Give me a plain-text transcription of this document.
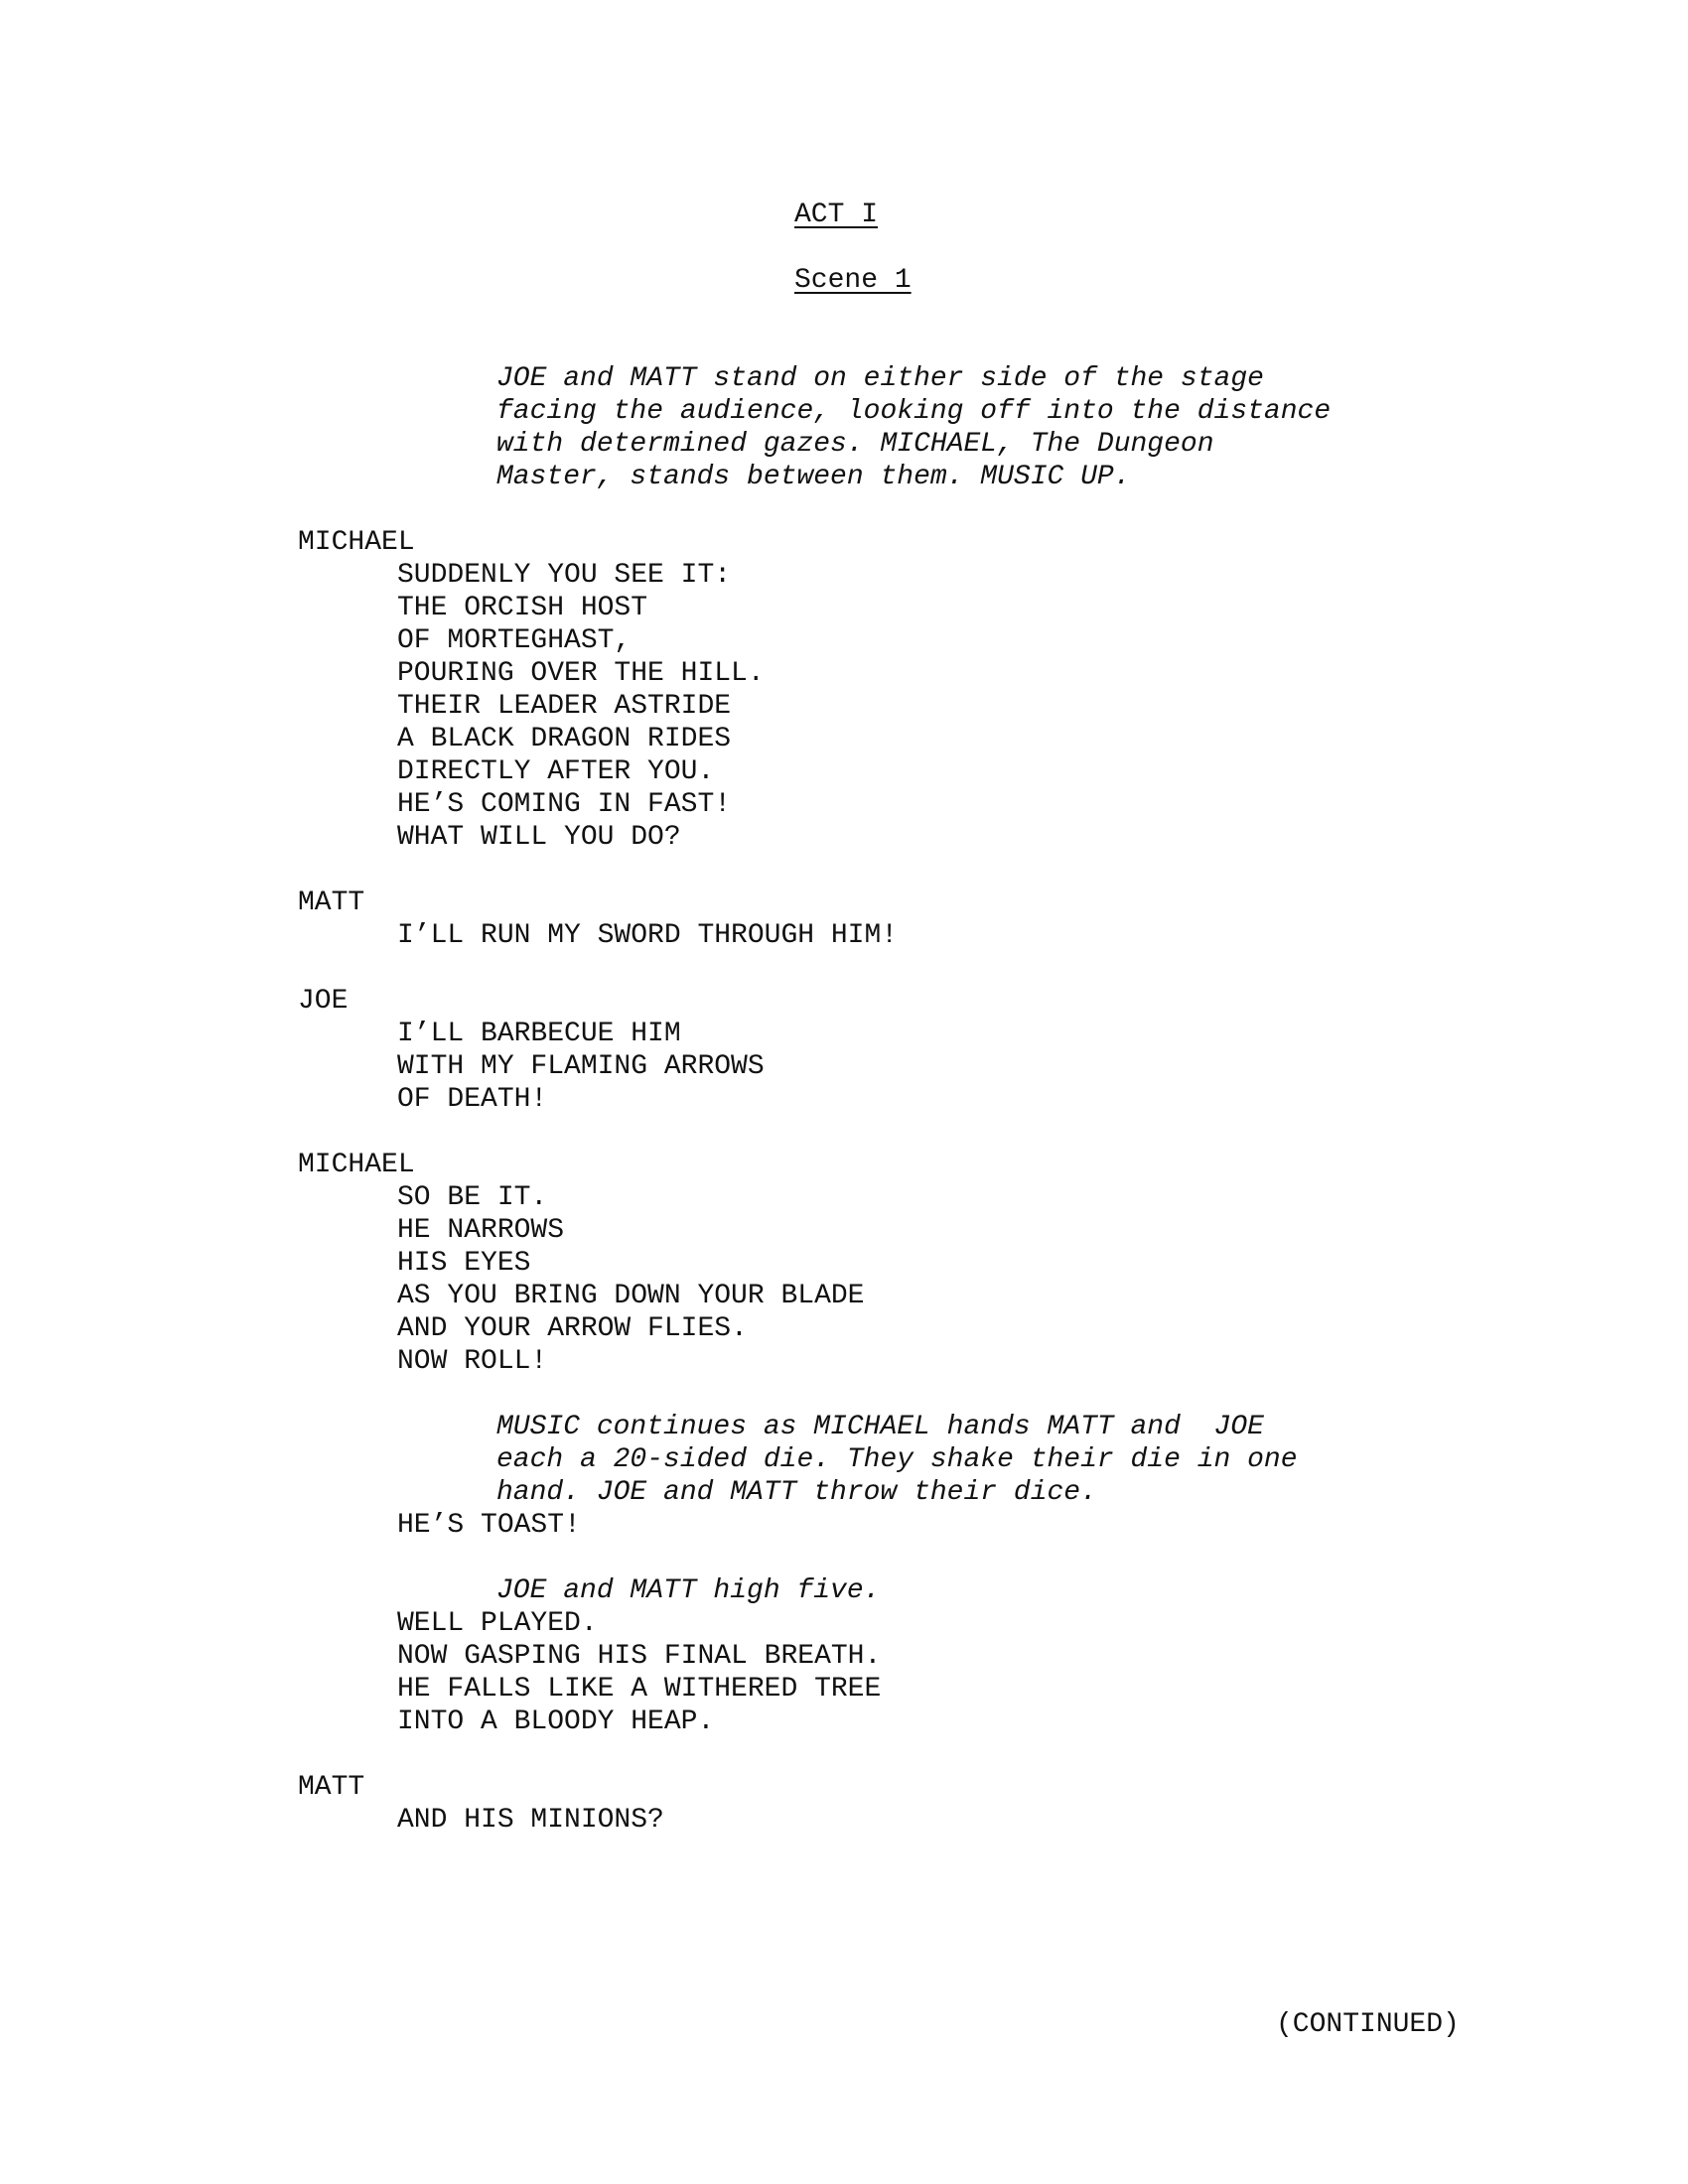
ACT I
Scene 1
JOE and MATT stand on either side of the stage
facing the audience, looking off into the distance
with determined gazes. MICHAEL, The Dungeon
Master, stands between them. MUSIC UP.
MICHAEL
SUDDENLY YOU SEE IT:
THE ORCISH HOST
OF MORTEGHAST,
POURING OVER THE HILL.
THEIR LEADER ASTRIDE
A BLACK DRAGON RIDES
DIRECTLY AFTER YOU.
HE’S COMING IN FAST!
WHAT WILL YOU DO?
MATT
I’LL RUN MY SWORD THROUGH HIM!
JOE
I’LL BARBECUE HIM
WITH MY FLAMING ARROWS
OF DEATH!
MICHAEL
SO BE IT.
HE NARROWS
HIS EYES
AS YOU BRING DOWN YOUR BLADE
AND YOUR ARROW FLIES.
NOW ROLL!
MUSIC continues as MICHAEL hands MATT and  JOE
each a 20-sided die. They shake their die in one
hand. JOE and MATT throw their dice.
HE’S TOAST!
JOE and MATT high five.
WELL PLAYED.
NOW GASPING HIS FINAL BREATH.
HE FALLS LIKE A WITHERED TREE
INTO A BLOODY HEAP.
MATT
AND HIS MINIONS?
(CONTINUED)
